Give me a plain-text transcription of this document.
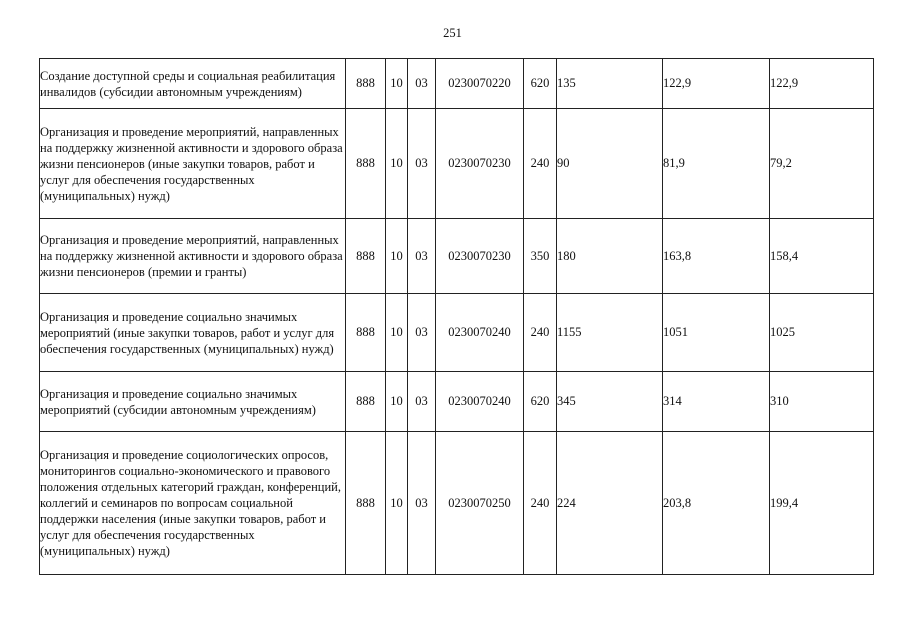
251
Создание доступной среды и социальная реабилитация инвалидов (субсидии автономным учреждениям)	888	10	03	0230070220	620	135	122,9	122,9
Организация и проведение мероприятий, направленных на поддержку жизненной активности и здорового образа жизни пенсионеров (иные закупки товаров, работ и услуг для обеспечения государственных (муниципальных) нужд)	888	10	03	0230070230	240	90	81,9	79,2
Организация и проведение мероприятий, направленных на поддержку жизненной активности и здорового образа жизни пенсионеров (премии и гранты)	888	10	03	0230070230	350	180	163,8	158,4
Организация и проведение социально значимых мероприятий (иные закупки товаров, работ и услуг для обеспечения государственных (муниципальных) нужд)	888	10	03	0230070240	240	1155	1051	1025
Организация и проведение социально значимых мероприятий (субсидии автономным учреждениям)	888	10	03	0230070240	620	345	314	310
Организация и проведение социологических опросов, мониторингов социально-экономического и правового положения отдельных категорий граждан, конференций, коллегий и семинаров по вопросам социальной поддержки населения (иные закупки товаров, работ и услуг для обеспечения государственных (муниципальных) нужд)	888	10	03	0230070250	240	224	203,8	199,4
